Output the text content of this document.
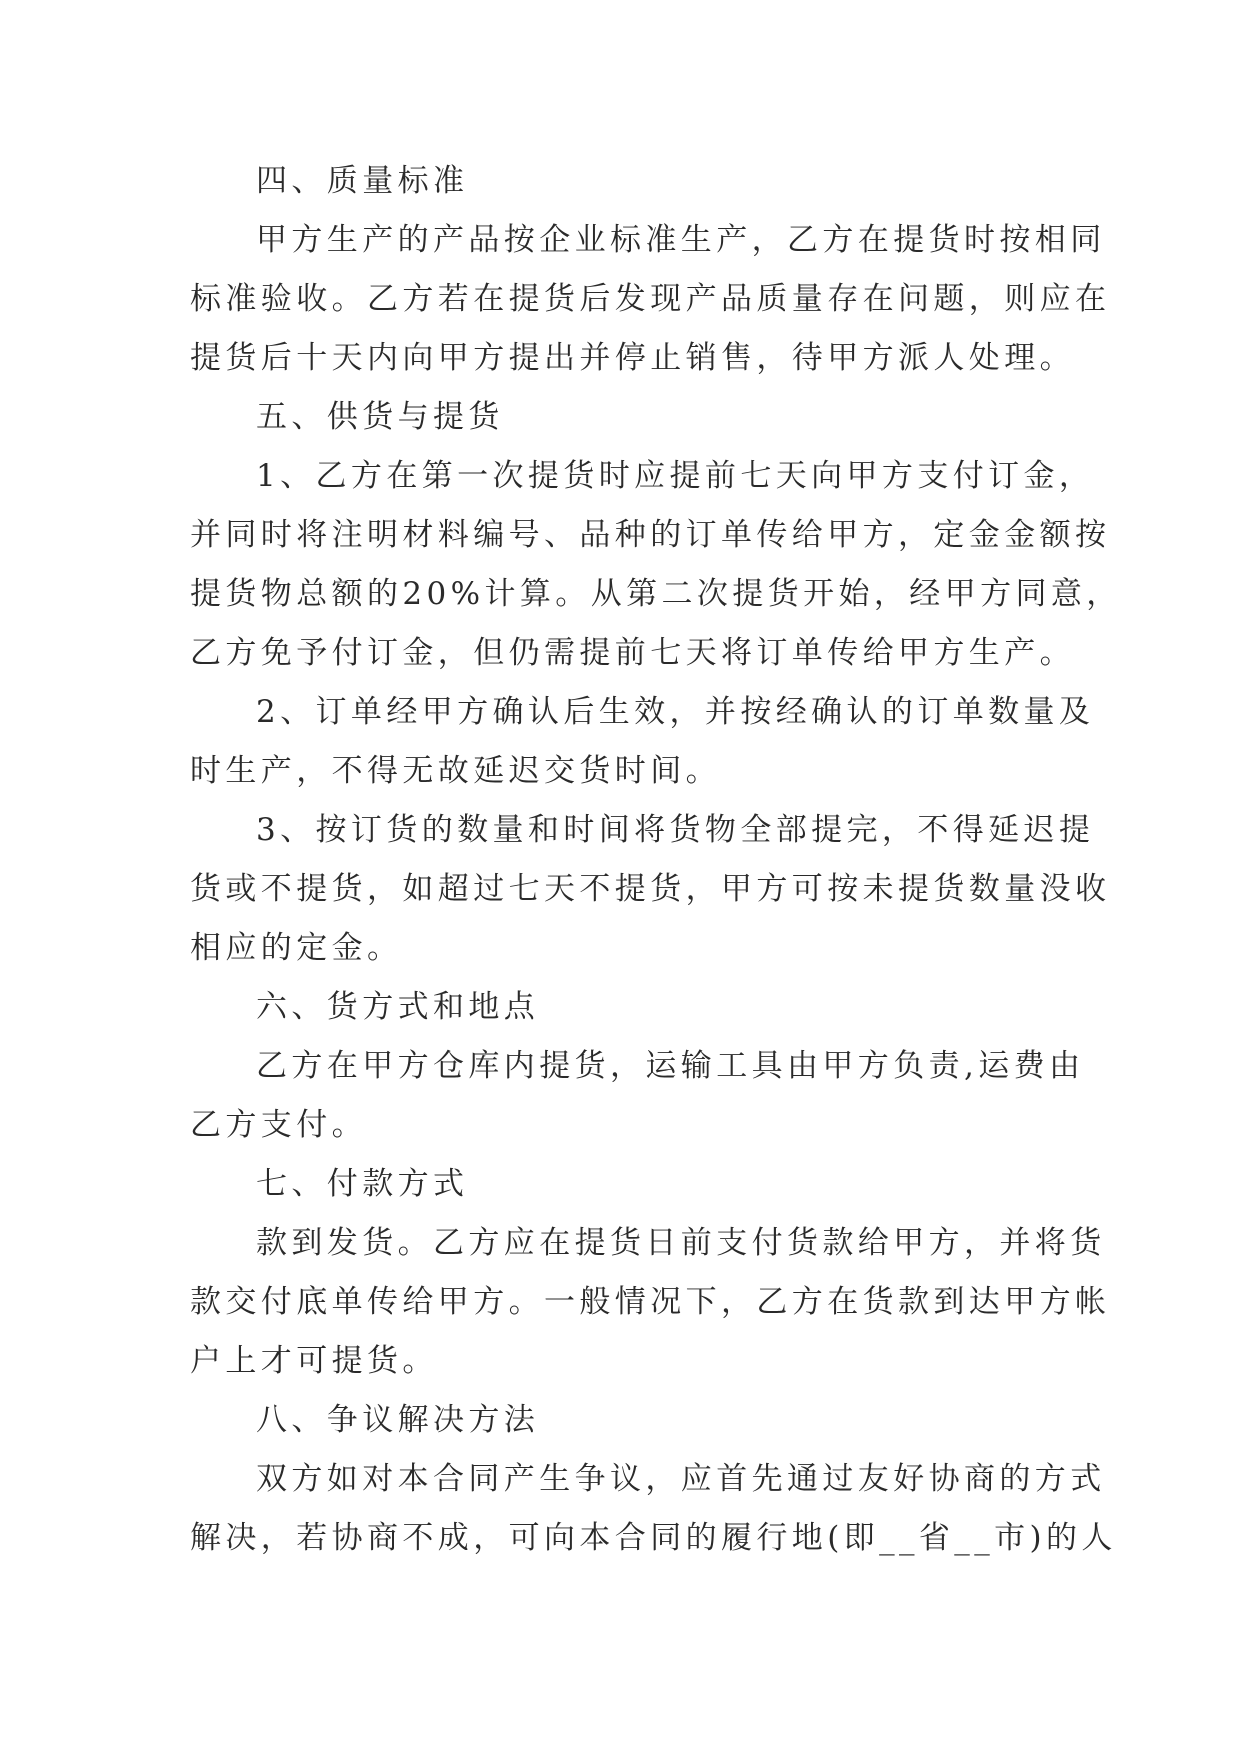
四、质量标准

甲方生产的产品按企业标准生产，乙方在提货时按相同
标准验收。乙方若在提货后发现产品质量存在问题，则应在
提货后十天内向甲方提出并停止销售，待甲方派人处理。

五、供货与提货

1、乙方在第一次提货时应提前七天向甲方支付订金，
并同时将注明材料编号、品种的订单传给甲方，定金金额按
提货物总额的20%计算。从第二次提货开始，经甲方同意，
乙方免予付订金，但仍需提前七天将订单传给甲方生产。

2、订单经甲方确认后生效，并按经确认的订单数量及
时生产，不得无故延迟交货时间。

3、按订货的数量和时间将货物全部提完，不得延迟提
货或不提货，如超过七天不提货，甲方可按未提货数量没收
相应的定金。

六、货方式和地点

乙方在甲方仓库内提货，运输工具由甲方负责,运费由
乙方支付。

七、付款方式

款到发货。乙方应在提货日前支付货款给甲方，并将货
款交付底单传给甲方。一般情况下，乙方在货款到达甲方帐
户上才可提货。

八、争议解决方法

双方如对本合同产生争议，应首先通过友好协商的方式
解决，若协商不成，可向本合同的履行地(即__省__市)的人
